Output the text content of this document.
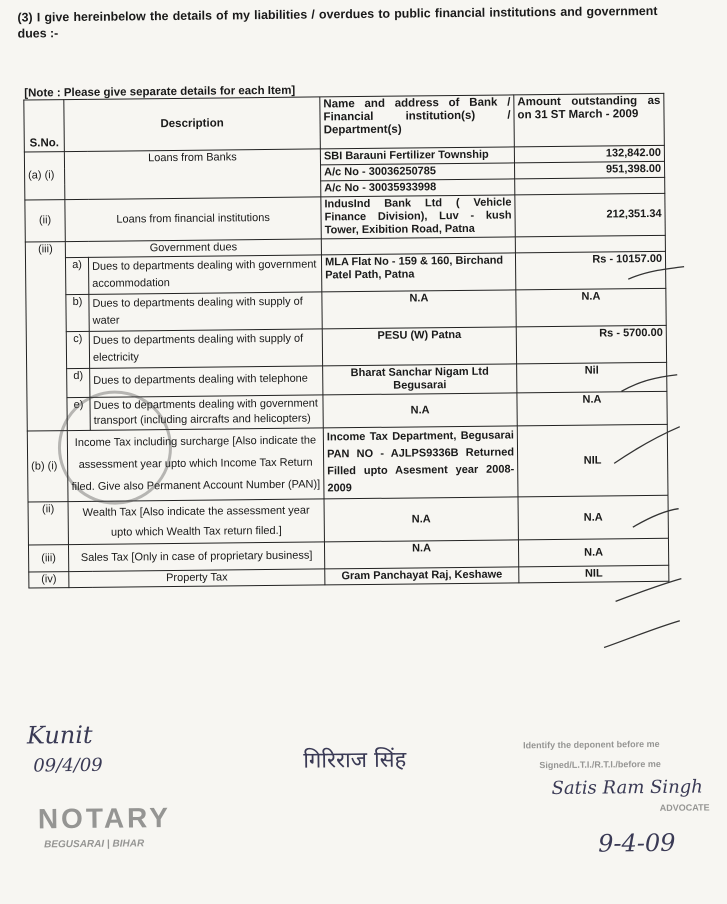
(3) I give hereinbelow the details of my liabilities / overdues to public financial institutions and government dues :-
[Note : Please give separate details for each Item]
S.No.	Description		Name and address of Bank / Financial institution(s) / Department(s)	Amount outstanding as on 31 ST March - 2009
(a) (i)	Loans from Banks		SBI Barauni Fertilizer Township	132,842.00
			A/c No - 30036250785	951,398.00
			A/c No - 30035933998	
(ii)	Loans from financial institutions		IndusInd Bank Ltd ( Vehicle Finance Division), Luv - kush Tower, Exibition Road, Patna	212,351.34
(iii)	Government dues			
	a)	Dues to departments dealing with government accommodation	MLA Flat No - 159 & 160, Birchand Patel Path, Patna	Rs - 10157.00
	b)	Dues to departments dealing with supply of water	N.A	N.A
	c)	Dues to departments dealing with supply of electricity	PESU (W) Patna	Rs - 5700.00
	d)	Dues to departments dealing with telephone	Bharat Sanchar Nigam Ltd Begusarai	Nil
	e)	Dues to departments dealing with government transport (including aircrafts and helicopters)	N.A	N.A
(b) (i)	Income Tax including surcharge [Also indicate the assessment year upto which Income Tax Return filed. Give also Permanent Account Number (PAN)]		Income Tax Department, Begusarai PAN NO - AJLPS9336B Returned Filled upto Asesment year 2008-2009	NIL
(ii)	Wealth Tax [Also indicate the assessment year upto which Wealth Tax return filed.]		N.A	N.A
(iii)	Sales Tax [Only in case of proprietary business]		N.A	N.A
(iv)	Property Tax		Gram Panchayat Raj, Keshawe	NIL
Kunit
09/4/09
NOTARY
BEGUSARAI | BIHAR
गिरिराज सिंह
Identify the deponent before me
Signed/L.T.I./R.T.I./before me
Satis Ram Singh
ADVOCATE
9-4-09
